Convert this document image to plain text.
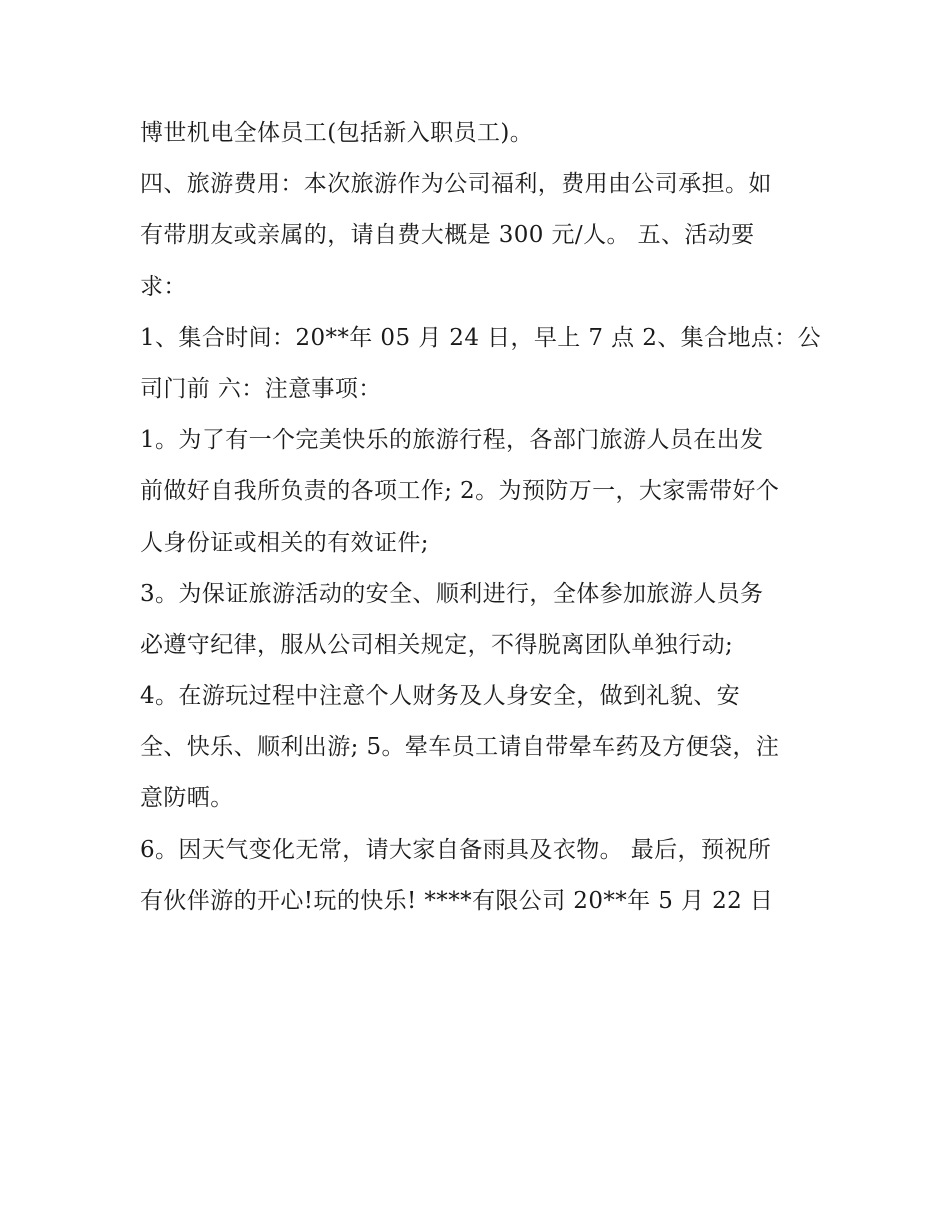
博世机电全体员工(包括新入职员工)。
四、旅游费用：本次旅游作为公司福利，费用由公司承担。如
有带朋友或亲属的，请自费大概是 300 元/人。 五、活动要
求：
1、集合时间：20**年 05 月 24 日，早上 7 点 2、集合地点：公
司门前 六：注意事项：
1。为了有一个完美快乐的旅游行程，各部门旅游人员在出发
前做好自我所负责的各项工作; 2。为预防万一，大家需带好个
人身份证或相关的有效证件;
3。为保证旅游活动的安全、顺利进行，全体参加旅游人员务
必遵守纪律，服从公司相关规定，不得脱离团队单独行动;
4。在游玩过程中注意个人财务及人身安全，做到礼貌、安
全、快乐、顺利出游; 5。晕车员工请自带晕车药及方便袋，注
意防晒。
6。因天气变化无常，请大家自备雨具及衣物。 最后，预祝所
有伙伴游的开心!玩的快乐! ****有限公司 20**年 5 月 22 日
